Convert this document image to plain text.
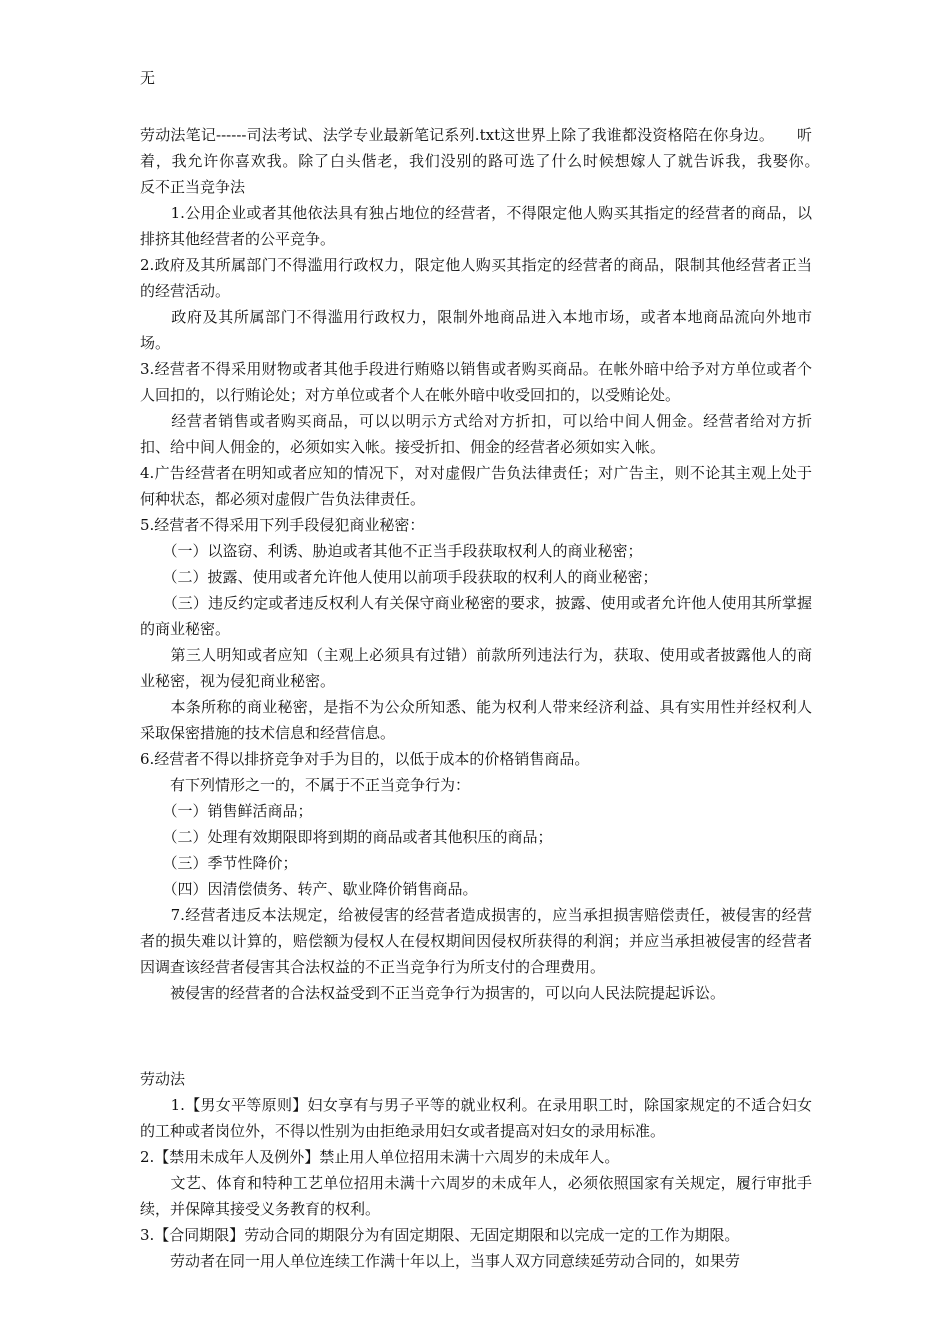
无

劳动法笔记------司法考试、法学专业最新笔记系列.txt这世界上除了我谁都没资格陪在你身边。　　听着，我允许你喜欢我。除了白头偕老，我们没别的路可选了什么时候想嫁人了就告诉我，我娶你。　　反不正当竞争法

　　1.公用企业或者其他依法具有独占地位的经营者，不得限定他人购买其指定的经营者的商品，以排挤其他经营者的公平竞争。

2.政府及其所属部门不得滥用行政权力，限定他人购买其指定的经营者的商品，限制其他经营者正当的经营活动。

　　政府及其所属部门不得滥用行政权力，限制外地商品进入本地市场，或者本地商品流向外地市场。

3.经营者不得采用财物或者其他手段进行贿赂以销售或者购买商品。在帐外暗中给予对方单位或者个人回扣的，以行贿论处；对方单位或者个人在帐外暗中收受回扣的，以受贿论处。

　　经营者销售或者购买商品，可以以明示方式给对方折扣，可以给中间人佣金。经营者给对方折扣、给中间人佣金的，必须如实入帐。接受折扣、佣金的经营者必须如实入帐。

4.广告经营者在明知或者应知的情况下，对对虚假广告负法律责任；对广告主，则不论其主观上处于何种状态，都必须对虚假广告负法律责任。

5.经营者不得采用下列手段侵犯商业秘密：

　　（一）以盗窃、利诱、胁迫或者其他不正当手段获取权利人的商业秘密；

　　（二）披露、使用或者允许他人使用以前项手段获取的权利人的商业秘密；

　　（三）违反约定或者违反权利人有关保守商业秘密的要求，披露、使用或者允许他人使用其所掌握的商业秘密。

　　第三人明知或者应知（主观上必须具有过错）前款所列违法行为，获取、使用或者披露他人的商业秘密，视为侵犯商业秘密。

　　本条所称的商业秘密，是指不为公众所知悉、能为权利人带来经济利益、具有实用性并经权利人采取保密措施的技术信息和经营信息。

6.经营者不得以排挤竞争对手为目的，以低于成本的价格销售商品。

　　有下列情形之一的，不属于不正当竞争行为：

　　（一）销售鲜活商品；

　　（二）处理有效期限即将到期的商品或者其他积压的商品；

　　（三）季节性降价；

　　（四）因清偿债务、转产、歇业降价销售商品。

　　7.经营者违反本法规定，给被侵害的经营者造成损害的，应当承担损害赔偿责任，被侵害的经营者的损失难以计算的，赔偿额为侵权人在侵权期间因侵权所获得的利润；并应当承担被侵害的经营者因调查该经营者侵害其合法权益的不正当竞争行为所支付的合理费用。

　　被侵害的经营者的合法权益受到不正当竞争行为损害的，可以向人民法院提起诉讼。

劳动法

　　1.【男女平等原则】妇女享有与男子平等的就业权利。在录用职工时，除国家规定的不适合妇女的工种或者岗位外，不得以性别为由拒绝录用妇女或者提高对妇女的录用标准。

2.【禁用未成年人及例外】禁止用人单位招用未满十六周岁的未成年人。

　　文艺、体育和特种工艺单位招用未满十六周岁的未成年人，必须依照国家有关规定，履行审批手续，并保障其接受义务教育的权利。

3.【合同期限】劳动合同的期限分为有固定期限、无固定期限和以完成一定的工作为期限。

　　劳动者在同一用人单位连续工作满十年以上，当事人双方同意续延劳动合同的，如果劳
